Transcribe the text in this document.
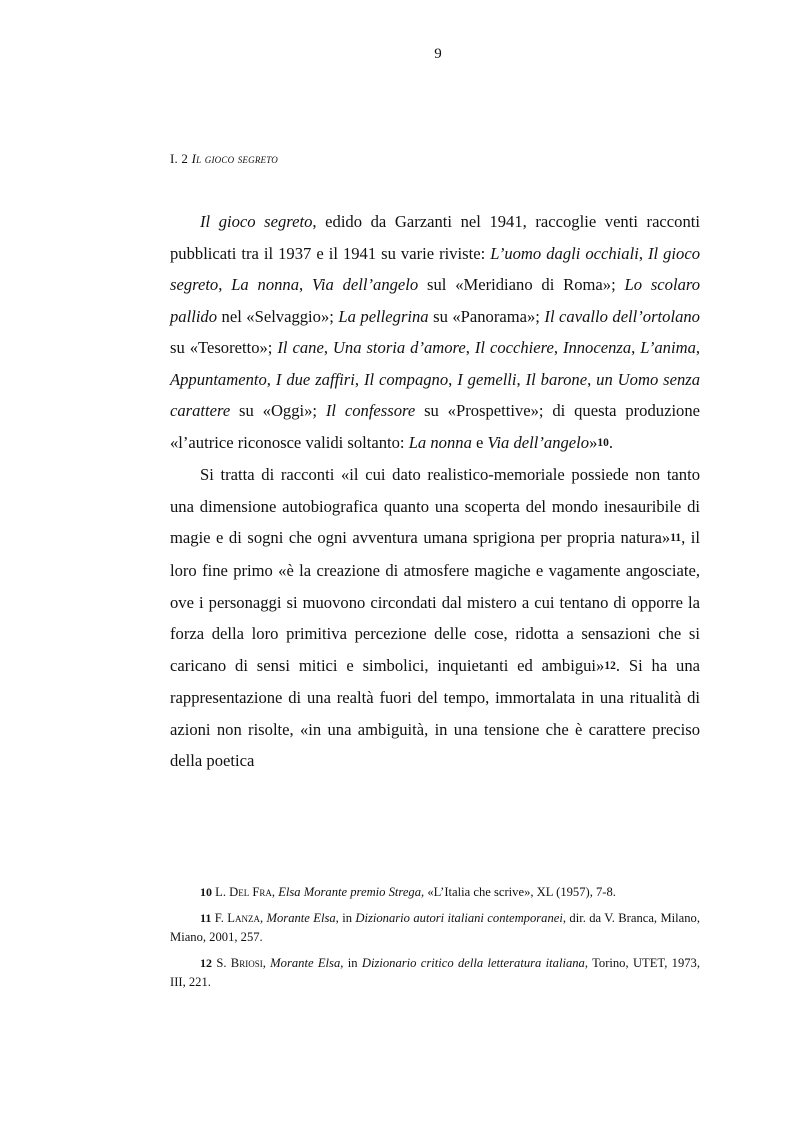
9
I. 2 Il gioco segreto

Il gioco segreto, edido da Garzanti nel 1941, raccoglie venti racconti pubblicati tra il 1937 e il 1941 su varie riviste: L’uomo dagli occhiali, Il gioco segreto, La nonna, Via dell’angelo sul «Meridiano di Roma»; Lo scolaro pallido nel «Selvaggio»; La pellegrina su «Panorama»; Il cavallo dell’ortolano su «Tesoretto»; Il cane, Una storia d’amore, Il cocchiere, Innocenza, L’anima, Appuntamento, I due zaffiri, Il compagno, I gemelli, Il barone, un Uomo senza carattere su «Oggi»; Il confessore su «Prospettive»; di questa produzione «l’autrice riconosce validi soltanto: La nonna e Via dell’angelo»10.

Si tratta di racconti «il cui dato realistico-memoriale possiede non tanto una dimensione autobiografica quanto una scoperta del mondo inesauribile di magie e di sogni che ogni avventura umana sprigiona per propria natura»11, il loro fine primo «è la creazione di atmosfere magiche e vagamente angosciate, ove i personaggi si muovono circondati dal mistero a cui tentano di opporre la forza della loro primitiva percezione delle cose, ridotta a sensazioni che si caricano di sensi mitici e simbolici, inquietanti ed ambigui»12. Si ha una rappresentazione di una realtà fuori del tempo, immortalata in una ritualità di azioni non risolte, «in una ambiguità, in una tensione che è carattere preciso della poetica

10 L. Del Fra, Elsa Morante premio Strega, «L’Italia che scrive», XL (1957), 7-8.

11 F. Lanza, Morante Elsa, in Dizionario autori italiani contemporanei, dir. da V. Branca, Milano, Miano, 2001, 257.

12 S. Briosi, Morante Elsa, in Dizionario critico della letteratura italiana, Torino, UTET, 1973, III, 221.
